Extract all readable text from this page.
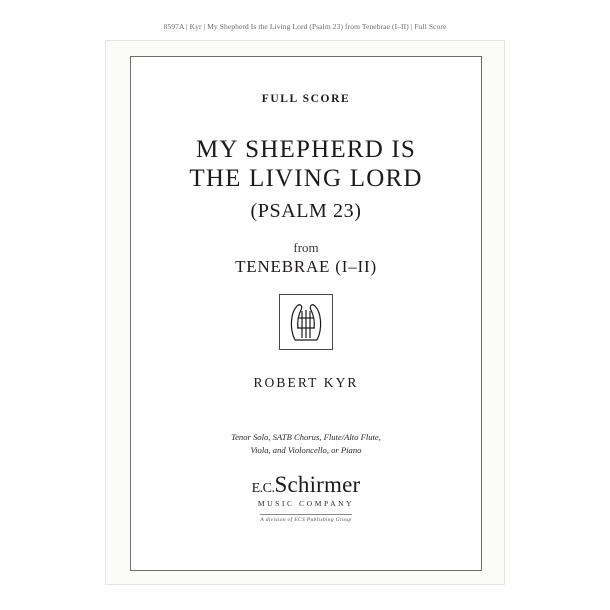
8597A | Kyr | My Shepherd Is the Living Lord (Psalm 23) from Tenebrae (I–II) | Full Score
FULL SCORE
MY SHEPHERD IS
THE LIVING LORD
(PSALM 23)
from
TENEBRAE (I–II)
ROBERT KYR
Tenor Solo, SATB Chorus, Flute/Alto Flute,
Viola, and Violoncello, or Piano
E.C.Schirmer
MUSIC COMPANY
A division of ECS Publishing Group
